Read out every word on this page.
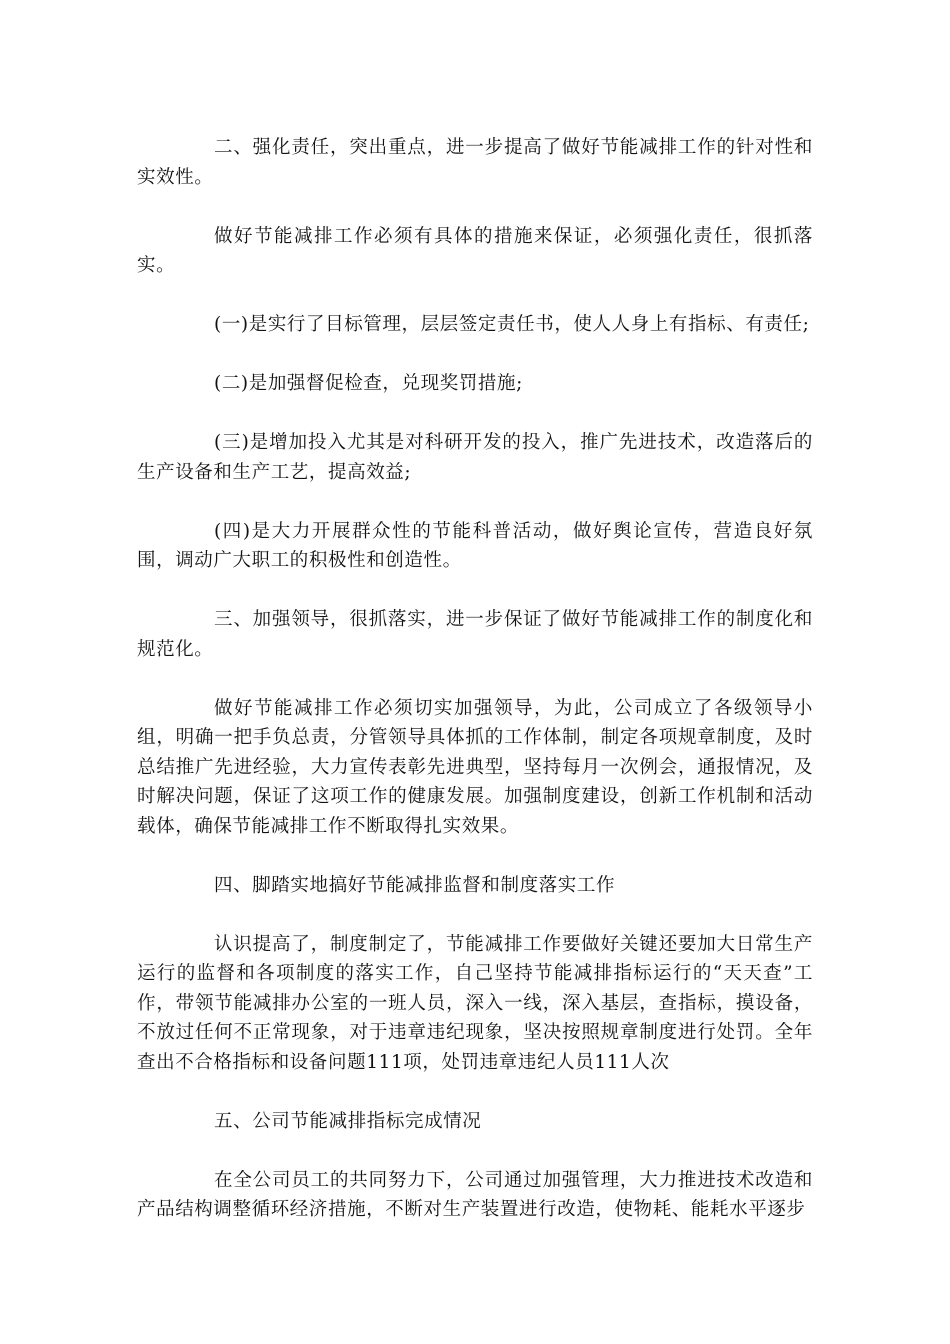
二、强化责任，突出重点，进一步提高了做好节能减排工作的针对性和实效性。

做好节能减排工作必须有具体的措施来保证，必须强化责任，很抓落实。

(一)是实行了目标管理，层层签定责任书，使人人身上有指标、有责任;

(二)是加强督促检查，兑现奖罚措施;

(三)是增加投入尤其是对科研开发的投入，推广先进技术，改造落后的生产设备和生产工艺，提高效益;

(四)是大力开展群众性的节能科普活动，做好舆论宣传，营造良好氛围，调动广大职工的积极性和创造性。

三、加强领导，很抓落实，进一步保证了做好节能减排工作的制度化和规范化。

做好节能减排工作必须切实加强领导，为此，公司成立了各级领导小组，明确一把手负总责，分管领导具体抓的工作体制，制定各项规章制度，及时总结推广先进经验，大力宣传表彰先进典型，坚持每月一次例会，通报情况，及时解决问题，保证了这项工作的健康发展。加强制度建设，创新工作机制和活动载体，确保节能减排工作不断取得扎实效果。

四、脚踏实地搞好节能减排监督和制度落实工作

认识提高了，制度制定了，节能减排工作要做好关键还要加大日常生产运行的监督和各项制度的落实工作，自己坚持节能减排指标运行的“天天查”工作，带领节能减排办公室的一班人员，深入一线，深入基层，查指标，摸设备，不放过任何不正常现象，对于违章违纪现象，坚决按照规章制度进行处罚。全年查出不合格指标和设备问题111项，处罚违章违纪人员111人次

五、公司节能减排指标完成情况

在全公司员工的共同努力下，公司通过加强管理，大力推进技术改造和产品结构调整循环经济措施，不断对生产装置进行改造，使物耗、能耗水平逐步
